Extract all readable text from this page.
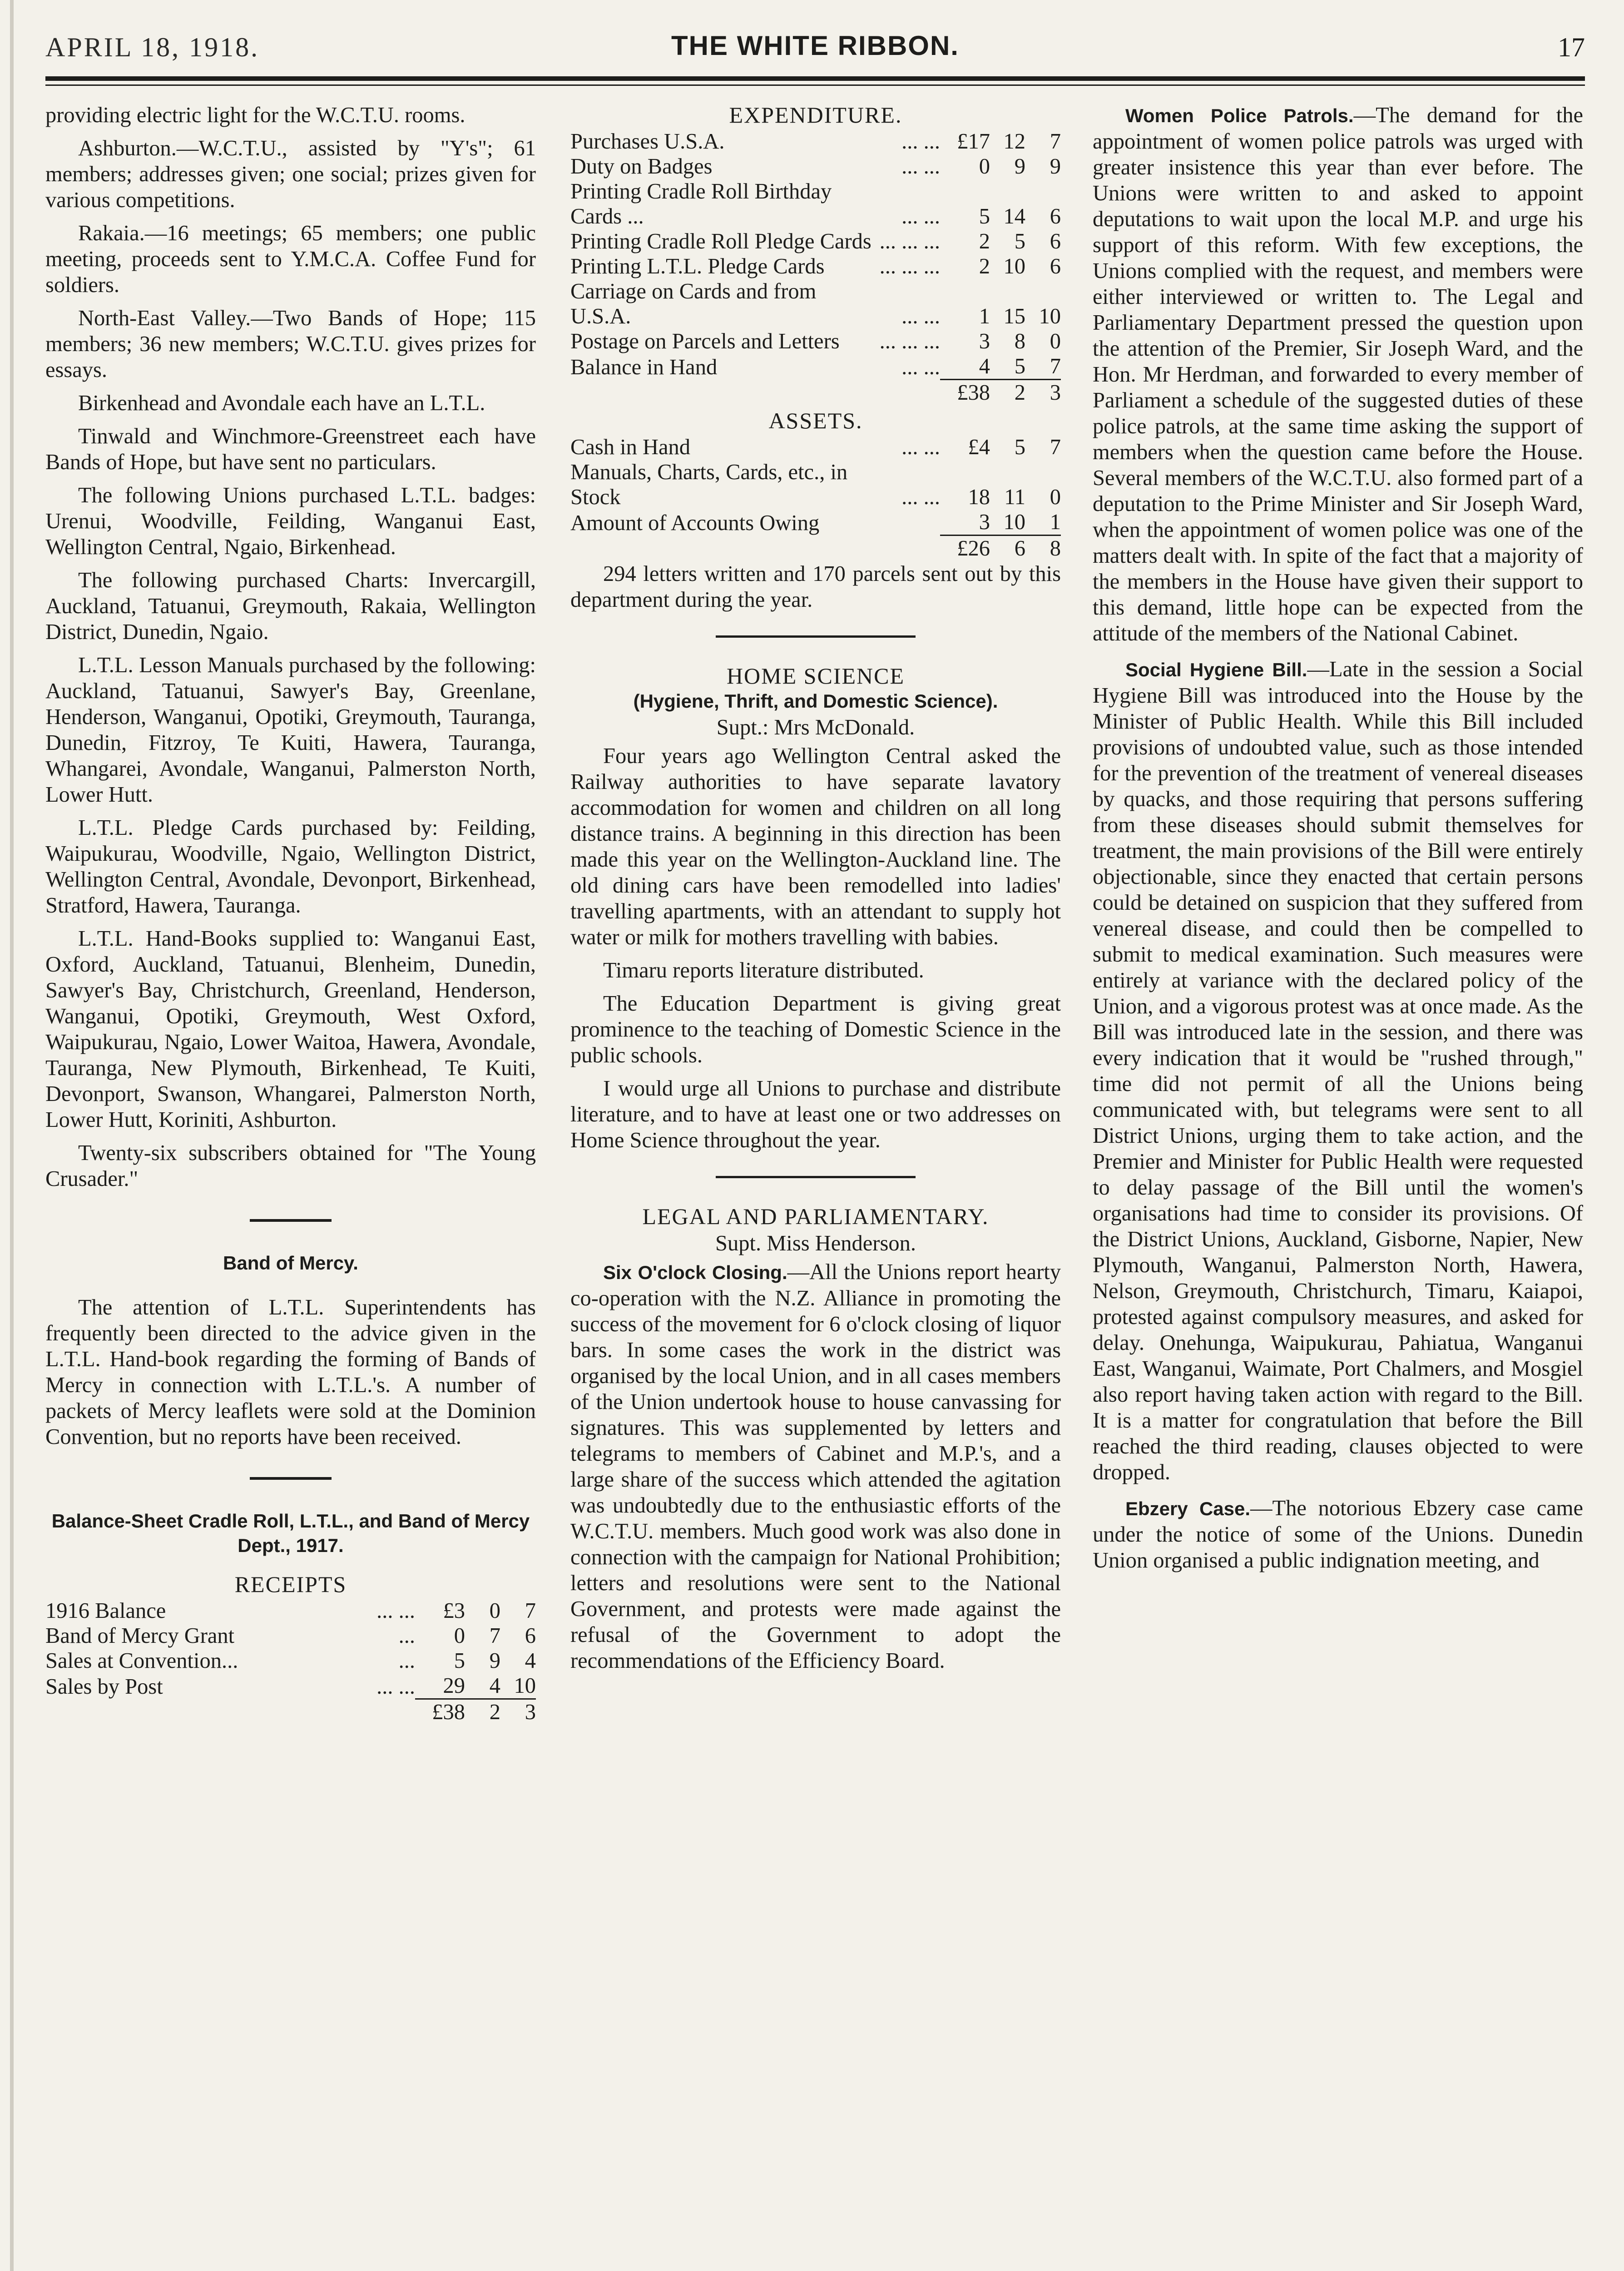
APRIL 18, 1918.	THE WHITE RIBBON.	17

providing electric light for the W.C.T.U. rooms.

Ashburton.—W.C.T.U., assisted by "Y's"; 61 members; addresses given; one social; prizes given for various competitions.

Rakaia.—16 meetings; 65 members; one public meeting, proceeds sent to Y.M.C.A. Coffee Fund for soldiers.

North-East Valley.—Two Bands of Hope; 115 members; 36 new members; W.C.T.U. gives prizes for essays.

Birkenhead and Avondale each have an L.T.L.

Tinwald and Winchmore-Greenstreet each have Bands of Hope, but have sent no particulars.

The following Unions purchased L.T.L. badges: Urenui, Woodville, Feilding, Wanganui East, Wellington Central, Ngaio, Birkenhead.

The following purchased Charts: Invercargill, Auckland, Tatuanui, Greymouth, Rakaia, Wellington District, Dunedin, Ngaio.

L.T.L. Lesson Manuals purchased by the following: Auckland, Tatuanui, Sawyer's Bay, Greenlane, Henderson, Wanganui, Opotiki, Greymouth, Tauranga, Dunedin, Fitzroy, Te Kuiti, Hawera, Tauranga, Whangarei, Avondale, Wanganui, Palmerston North, Lower Hutt.

L.T.L. Pledge Cards purchased by: Feilding, Waipukurau, Woodville, Ngaio, Wellington District, Wellington Central, Avondale, Devonport, Birkenhead, Stratford, Hawera, Tauranga.

L.T.L. Hand-Books supplied to: Wanganui East, Oxford, Auckland, Tatuanui, Blenheim, Dunedin, Sawyer's Bay, Christchurch, Greenland, Henderson, Wanganui, Opotiki, Greymouth, West Oxford, Waipukurau, Ngaio, Lower Waitoa, Hawera, Avondale, Tauranga, New Plymouth, Birkenhead, Te Kuiti, Devonport, Swanson, Whangarei, Palmerston North, Lower Hutt, Koriniti, Ashburton.

Twenty-six subscribers obtained for "The Young Crusader."

Band of Mercy.

The attention of L.T.L. Superintendents has frequently been directed to the advice given in the L.T.L. Hand-book regarding the forming of Bands of Mercy in connection with L.T.L.'s. A number of packets of Mercy leaflets were sold at the Dominion Convention, but no reports have been received.

Balance-Sheet Cradle Roll, L.T.L., and Band of Mercy Dept., 1917.
RECEIPTS
1916 Balance	... ...	£3	0	7
Band of Mercy Grant	...	0	7	6
Sales at Convention...	...	5	9	4
Sales by Post	... ...	29	4	10
		£38	2	3
EXPENDITURE.
Purchases U.S.A.	... ...	£17	12	7
Duty on Badges	... ...	0	9	9
Printing Cradle Roll Birthday Cards ...	... ...	5	14	6
Printing Cradle Roll Pledge Cards	... ... ...	2	5	6
Printing L.T.L. Pledge Cards	... ... ...	2	10	6
Carriage on Cards and from U.S.A.	... ...	1	15	10
Postage on Parcels and Letters	... ... ...	3	8	0
Balance in Hand	... ...	4	5	7
		£38	2	3
ASSETS.
Cash in Hand	... ...	£4	5	7
Manuals, Charts, Cards, etc., in Stock	... ...	18	11	0
Amount of Accounts Owing		3	10	1
		£26	6	8

294 letters written and 170 parcels sent out by this department during the year.

HOME SCIENCE
(Hygiene, Thrift, and Domestic Science).
Supt.: Mrs McDonald.

Four years ago Wellington Central asked the Railway authorities to have separate lavatory accommodation for women and children on all long distance trains. A beginning in this direction has been made this year on the Wellington-Auckland line. The old dining cars have been remodelled into ladies' travelling apartments, with an attendant to supply hot water or milk for mothers travelling with babies.

Timaru reports literature distributed.

The Education Department is giving great prominence to the teaching of Domestic Science in the public schools.

I would urge all Unions to purchase and distribute literature, and to have at least one or two addresses on Home Science throughout the year.

LEGAL AND PARLIAMENTARY.
Supt. Miss Henderson.

Six O'clock Closing.—All the Unions report hearty co-operation with the N.Z. Alliance in promoting the success of the movement for 6 o'clock closing of liquor bars. In some cases the work in the district was organised by the local Union, and in all cases members of the Union undertook house to house canvassing for signatures. This was supplemented by letters and telegrams to members of Cabinet and M.P.'s, and a large share of the success which attended the agitation was undoubtedly due to the enthusiastic efforts of the W.C.T.U. members. Much good work was also done in connection with the campaign for National Prohibition; letters and resolutions were sent to the National Government, and protests were made against the refusal of the Government to adopt the recommendations of the Efficiency Board.

Women Police Patrols.—The demand for the appointment of women police patrols was urged with greater insistence this year than ever before. The Unions were written to and asked to appoint deputations to wait upon the local M.P. and urge his support of this reform. With few exceptions, the Unions complied with the request, and members were either interviewed or written to. The Legal and Parliamentary Department pressed the question upon the attention of the Premier, Sir Joseph Ward, and the Hon. Mr Herdman, and forwarded to every member of Parliament a schedule of the suggested duties of these police patrols, at the same time asking the support of members when the question came before the House. Several members of the W.C.T.U. also formed part of a deputation to the Prime Minister and Sir Joseph Ward, when the appointment of women police was one of the matters dealt with. In spite of the fact that a majority of the members in the House have given their support to this demand, little hope can be expected from the attitude of the members of the National Cabinet.

Social Hygiene Bill.—Late in the session a Social Hygiene Bill was introduced into the House by the Minister of Public Health. While this Bill included provisions of undoubted value, such as those intended for the prevention of the treatment of venereal diseases by quacks, and those requiring that persons suffering from these diseases should submit themselves for treatment, the main provisions of the Bill were entirely objectionable, since they enacted that certain persons could be detained on suspicion that they suffered from venereal disease, and could then be compelled to submit to medical examination. Such measures were entirely at variance with the declared policy of the Union, and a vigorous protest was at once made. As the Bill was introduced late in the session, and there was every indication that it would be "rushed through," time did not permit of all the Unions being communicated with, but telegrams were sent to all District Unions, urging them to take action, and the Premier and Minister for Public Health were requested to delay passage of the Bill until the women's organisations had time to consider its provisions. Of the District Unions, Auckland, Gisborne, Napier, New Plymouth, Wanganui, Palmerston North, Hawera, Nelson, Greymouth, Christchurch, Timaru, Kaiapoi, protested against compulsory measures, and asked for delay. Onehunga, Waipukurau, Pahiatua, Wanganui East, Wanganui, Waimate, Port Chalmers, and Mosgiel also report having taken action with regard to the Bill. It is a matter for congratulation that before the Bill reached the third reading, clauses objected to were dropped.

Ebzery Case.—The notorious Ebzery case came under the notice of some of the Unions. Dunedin Union organised a public indignation meeting, and
